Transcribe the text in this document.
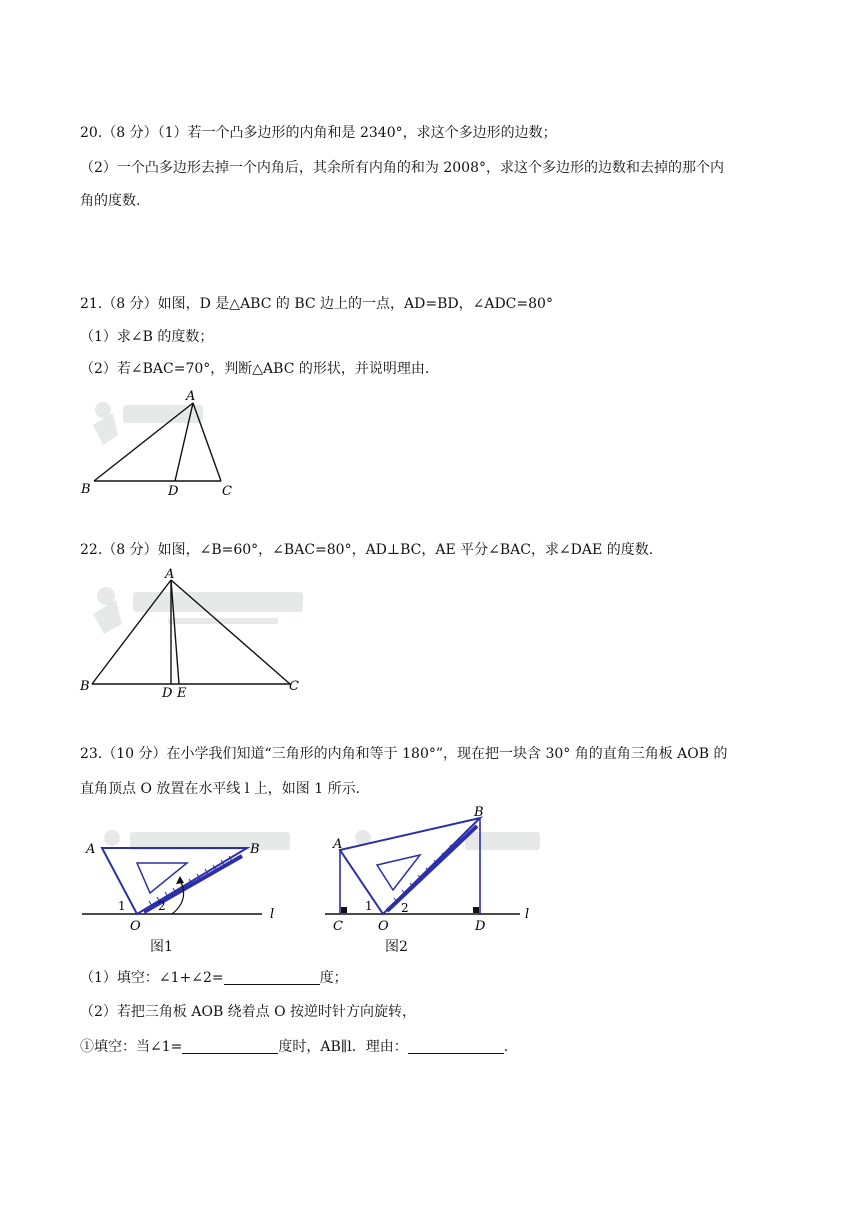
20.（8 分）（1）若一个凸多边形的内角和是 2340°，求这个多边形的边数；
（2）一个凸多边形去掉一个内角后，其余所有内角的和为 2008°，求这个多边形的边数和去掉的那个内
角的度数.
21.（8 分）如图，D 是△ABC 的 BC 边上的一点，AD=BD，∠ADC=80°
（1）求∠B 的度数；
（2）若∠BAC=70°，判断△ABC 的形状，并说明理由.
A
B	D	C
22.（8 分）如图，∠B=60°，∠BAC=80°，AD⊥BC，AE 平分∠BAC，求∠DAE 的度数.
A
B	D E	C
23.（10 分）在小学我们知道“三角形的内角和等于 180°”，现在把一块含 30° 角的直角三角板 AOB 的
直角顶点 O 放置在水平线 l 上，如图 1 所示.
A	B
O
l
1	2
图1
A
B
C	O	D
l
1 2
图2
（1）填空：∠1+∠2=	度；
（2）若把三角板 AOB 绕着点 O 按逆时针方向旋转，
①填空：当∠1=	度时，AB∥l．理由：	.
